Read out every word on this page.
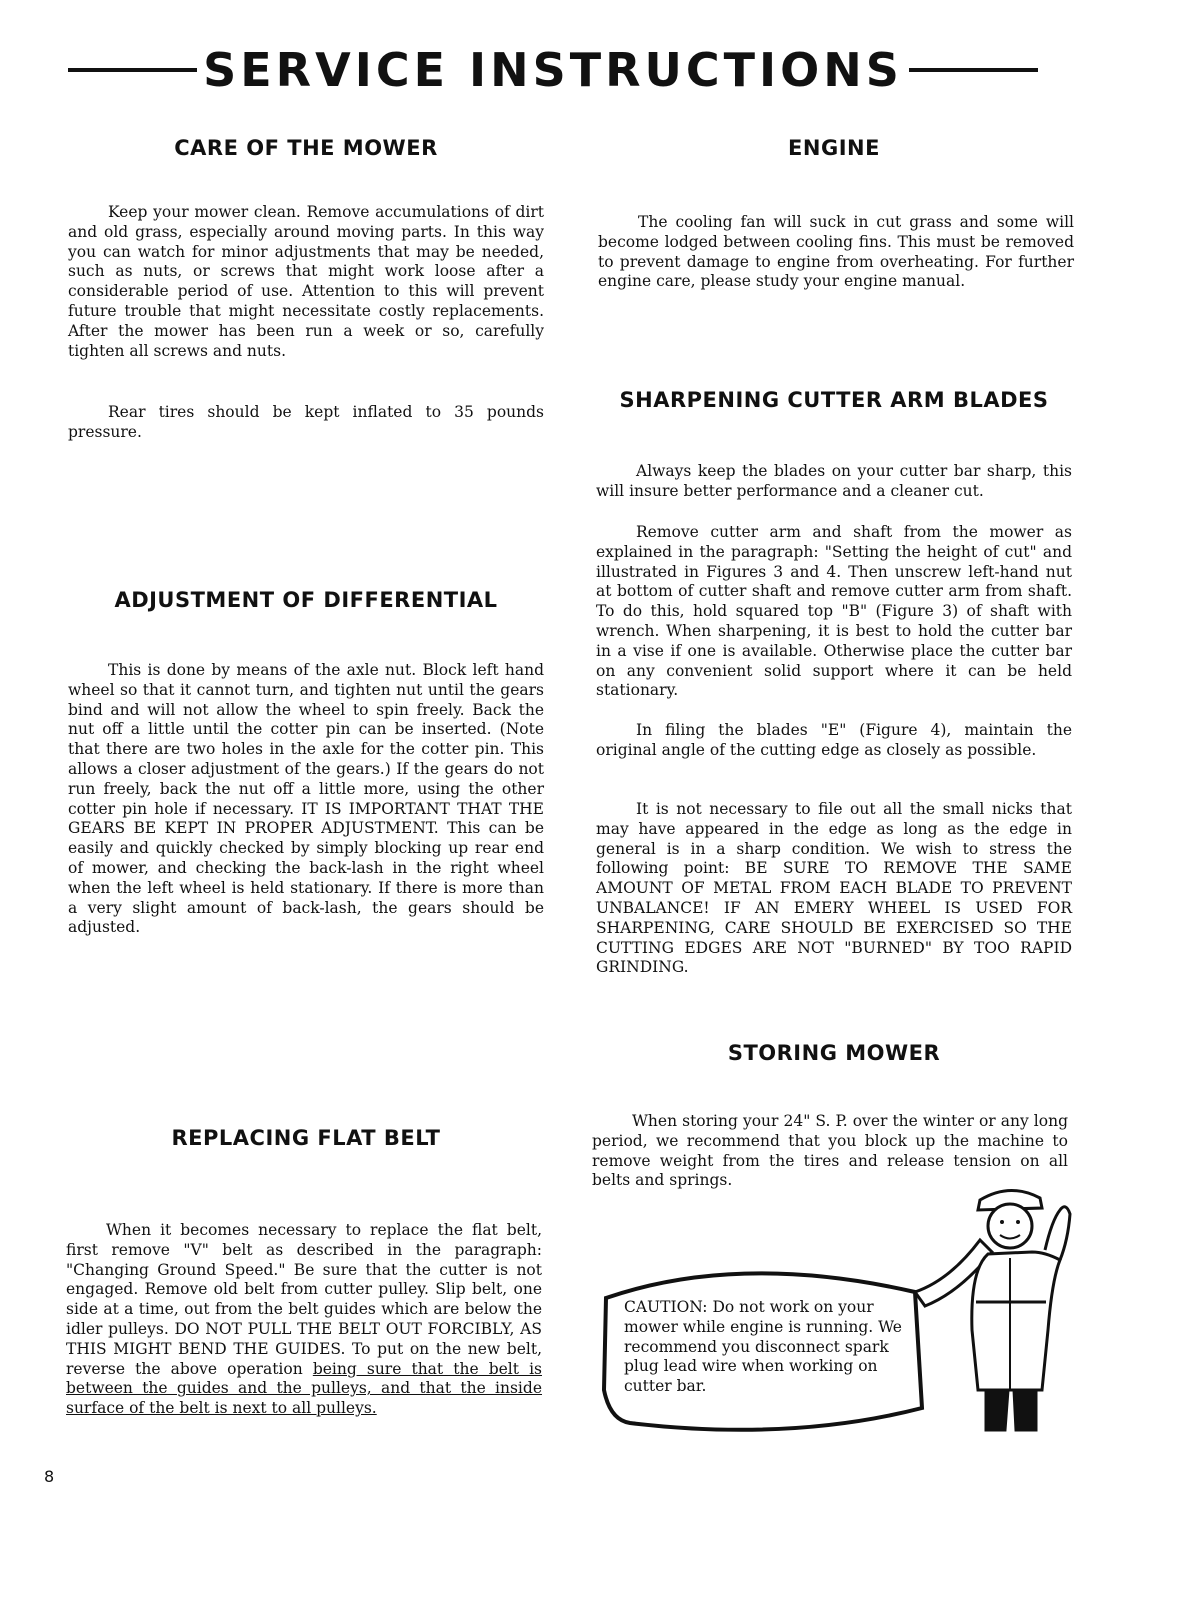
SERVICE INSTRUCTIONS
CARE OF THE MOWER

Keep your mower clean. Remove accumulations of dirt and old grass, especially around moving parts. In this way you can watch for minor adjustments that may be needed, such as nuts, or screws that might work loose after a considerable period of use. Attention to this will prevent future trouble that might necessitate costly replacements. After the mower has been run a week or so, carefully tighten all screws and nuts.

Rear tires should be kept inflated to 35 pounds pressure.

ADJUSTMENT OF DIFFERENTIAL

This is done by means of the axle nut. Block left hand wheel so that it cannot turn, and tighten nut until the gears bind and will not allow the wheel to spin freely. Back the nut off a little until the cotter pin can be inserted. (Note that there are two holes in the axle for the cotter pin. This allows a closer adjustment of the gears.) If the gears do not run freely, back the nut off a little more, using the other cotter pin hole if necessary. IT IS IMPORTANT THAT THE GEARS BE KEPT IN PROPER ADJUSTMENT. This can be easily and quickly checked by simply blocking up rear end of mower, and checking the back-lash in the right wheel when the left wheel is held stationary. If there is more than a very slight amount of back-lash, the gears should be adjusted.

REPLACING FLAT BELT

When it becomes necessary to replace the flat belt, first remove "V" belt as described in the paragraph: "Changing Ground Speed." Be sure that the cutter is not engaged. Remove old belt from cutter pulley. Slip belt, one side at a time, out from the belt guides which are below the idler pulleys. DO NOT PULL THE BELT OUT FORCIBLY, AS THIS MIGHT BEND THE GUIDES. To put on the new belt, reverse the above operation being sure that the belt is between the guides and the pulleys, and that the inside surface of the belt is next to all pulleys.

ENGINE

The cooling fan will suck in cut grass and some will become lodged between cooling fins. This must be removed to prevent damage to engine from overheating. For further engine care, please study your engine manual.

SHARPENING CUTTER ARM BLADES

Always keep the blades on your cutter bar sharp, this will insure better performance and a cleaner cut.

Remove cutter arm and shaft from the mower as explained in the paragraph: "Setting the height of cut" and illustrated in Figures 3 and 4. Then unscrew left-hand nut at bottom of cutter shaft and remove cutter arm from shaft. To do this, hold squared top "B" (Figure 3) of shaft with wrench. When sharpening, it is best to hold the cutter bar in a vise if one is available. Otherwise place the cutter bar on any convenient solid support where it can be held stationary.

In filing the blades "E" (Figure 4), maintain the original angle of the cutting edge as closely as possible.

It is not necessary to file out all the small nicks that may have appeared in the edge as long as the edge in general is in a sharp condition. We wish to stress the following point: BE SURE TO REMOVE THE SAME AMOUNT OF METAL FROM EACH BLADE TO PREVENT UNBALANCE! IF AN EMERY WHEEL IS USED FOR SHARPENING, CARE SHOULD BE EXERCISED SO THE CUTTING EDGES ARE NOT "BURNED" BY TOO RAPID GRINDING.

STORING MOWER

When storing your 24" S. P. over the winter or any long period, we recommend that you block up the machine to remove weight from the tires and release tension on all belts and springs.

CAUTION: Do not work on your mower while engine is running. We recommend you disconnect spark plug lead wire when working on cutter bar.

8
